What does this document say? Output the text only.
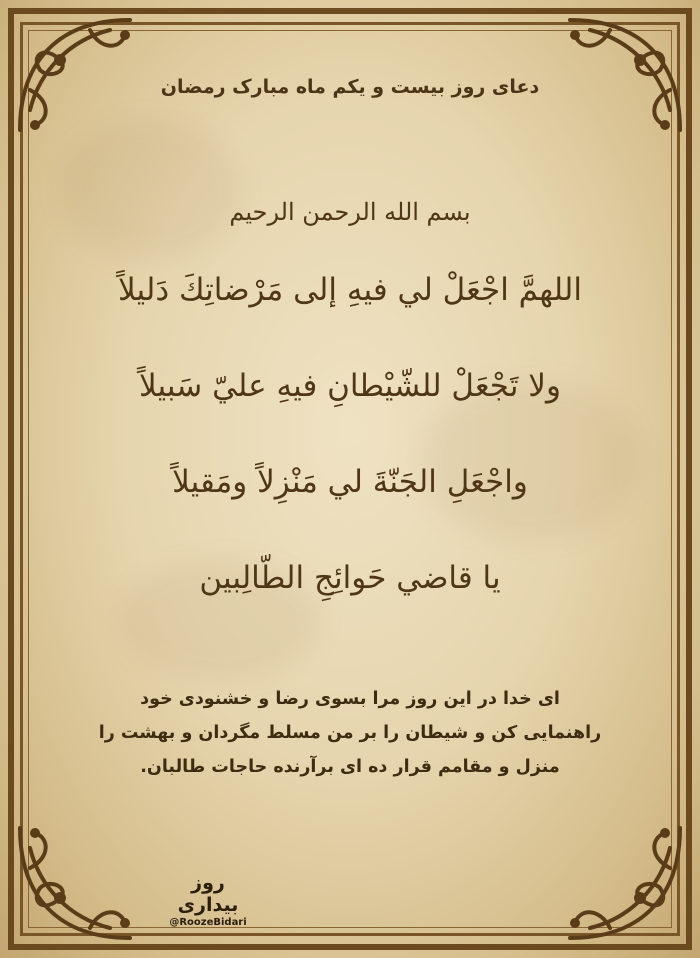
دعای روز بیست و یکم ماه مبارک رمضان
بسم الله الرحمن الرحیم
اللهمَّ اجْعَلْ لي فيهِ إلى مَرْضاتِكَ دَليلاً
ولا تَجْعَلْ للشّيْطانِ فيهِ عليّ سَبيلاً
واجْعَلِ الجَنّةَ لي مَنْزِلاً ومَقيلاً
يا قاضي حَوائِجِ الطّالِبين
ای خدا در این روز مرا بسوی رضا و خشنودی خود
راهنمایی کن و شیطان را بر من مسلط مگردان و بهشت را
منزل و مقامم قرار ده ای برآرنده حاجات طالبان.
روز بیداری
@RoozeBidari
